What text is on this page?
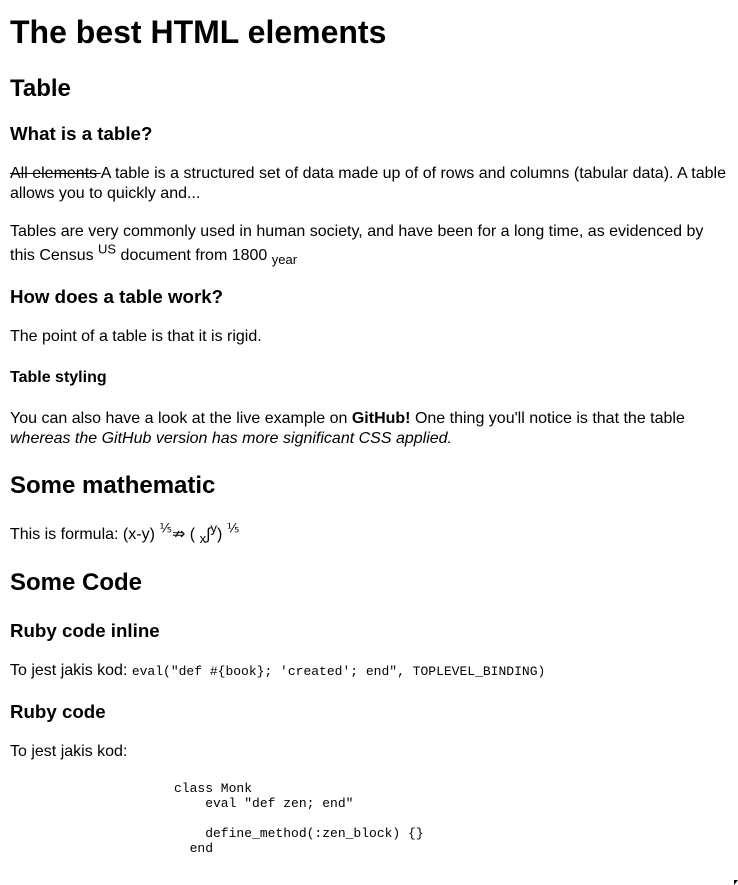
The best HTML elements
Table
What is a table?

All elements A table is a structured set of data made up of of rows and columns (tabular data). A table allows you to quickly and...

Tables are very commonly used in human society, and have been for a long time, as evidenced by this Census $^{US}$ document from 1800 $_{year}$

How does a table work?

The point of a table is that it is rigid.

Table styling

You can also have a look at the live example on GitHub! One thing you'll notice is that the table whereas the GitHub version has more significant CSS applied.

Some mathematic

This is formula: (x-y) $^{\frac{1}{5}}$⇏ ( $_x$∫$^y$) $^{\frac{1}{5}}$

Some Code
Ruby code inline

To jest jakis kod: eval("def #{book}; 'created'; end", TOPLEVEL_BINDING)

Ruby code

To jest jakis kod:

class Monk
eval "def zen; end"

define_method(:zen_block) {}
end
